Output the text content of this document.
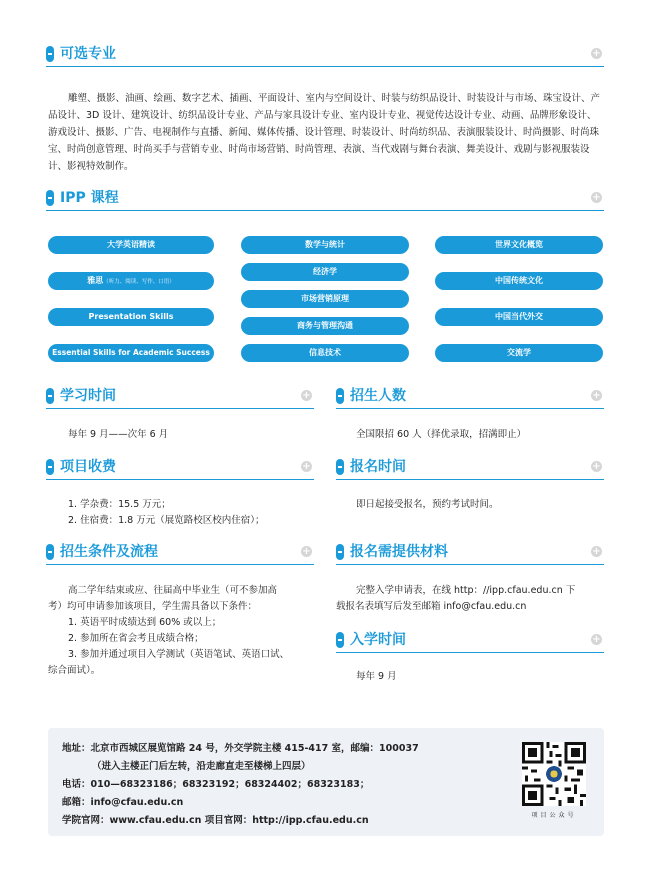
可选专业	+
雕塑、摄影、油画、绘画、数字艺术、插画、平面设计、室内与空间设计、时装与纺织品设计、时装设计与市场、珠宝设计、产品设计、3D 设计、建筑设计、纺织品设计专业、产品与家具设计专业、室内设计专业、视觉传达设计专业、动画、品牌形象设计、游戏设计、摄影、广告、电视制作与直播、新闻、媒体传播、设计管理、时装设计、时尚纺织品、表演服装设计、时尚摄影、时尚珠宝、时尚创意管理、时尚买手与营销专业、时尚市场营销、时尚管理、表演、当代戏剧与舞台表演、舞美设计、戏剧与影视服装设计、影视特效制作。
IPP 课程	+
大学英语精读
雅思（听力、阅读、写作、口语）
Presentation Skills
Essential Skills for Academic Success
数学与统计
经济学
市场营销原理
商务与管理沟通
信息技术
世界文化概览
中国传统文化
中国当代外交
交流学
学习时间	+
每年 9 月——次年 6 月
招生人数	+
全国限招 60 人（择优录取，招满即止）
项目收费	+
1. 学杂费：15.5 万元；
2. 住宿费：1.8 万元（展览路校区校内住宿）；
报名时间	+
即日起接受报名，预约考试时间。
招生条件及流程	+
高二学年结束或应、往届高中毕业生（可不参加高
考）均可申请参加该项目，学生需具备以下条件：
1. 英语平时成绩达到 60% 或以上；
2. 参加所在省会考且成绩合格；
3. 参加并通过项目入学测试（英语笔试、英语口试、
综合面试）。
报名需提供材料	+
完整入学申请表，在线 http：//ipp.cfau.edu.cn 下
载报名表填写后发至邮箱 info@cfau.edu.cn
入学时间	+
每年 9 月
地址：北京市西城区展览馆路 24 号，外交学院主楼 415-417 室，邮编：100037
（进入主楼正门后左转，沿走廊直走至楼梯上四层）
电话：010—68323186；68323192；68324402；68323183；
邮箱：info@cfau.edu.cn
学院官网：www.cfau.edu.cn 项目官网：http://ipp.cfau.edu.cn	项目公众号
